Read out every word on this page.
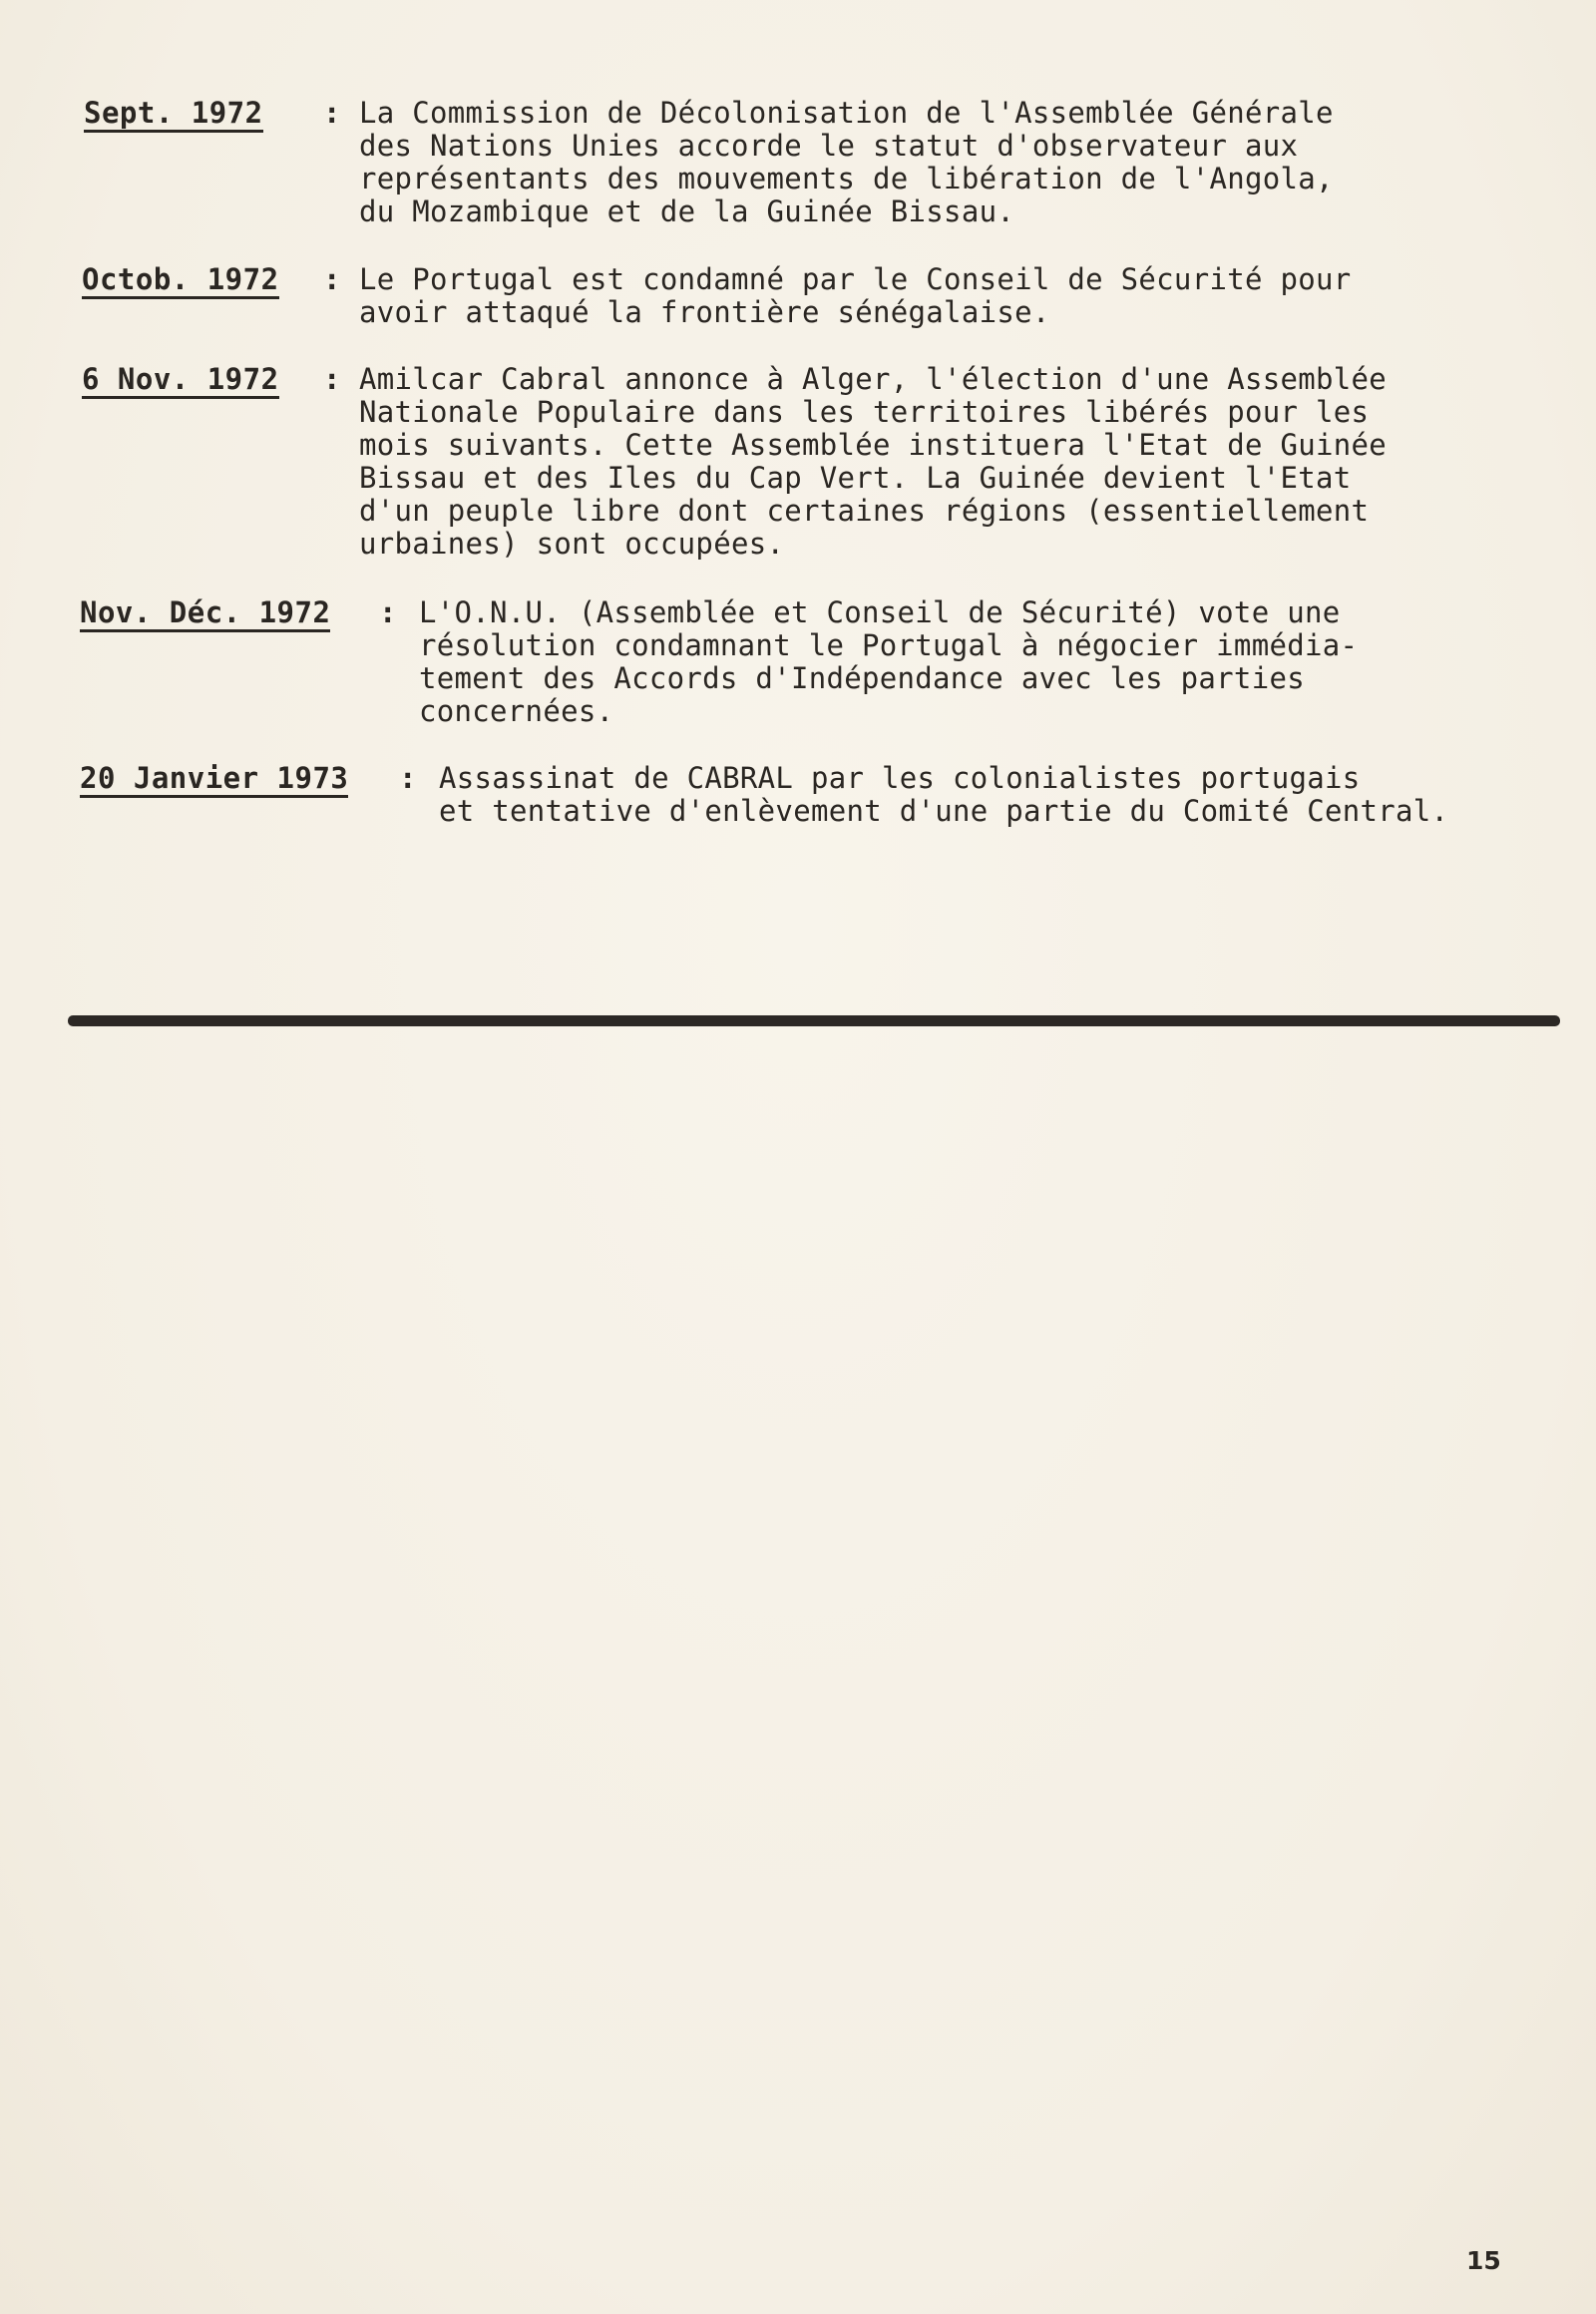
Sept. 1972 : La Commission de Décolonisation de l'Assemblée Générale
des Nations Unies accorde le statut d'observateur aux
représentants des mouvements de libération de l'Angola,
du Mozambique et de la Guinée Bissau.
Octob. 1972 : Le Portugal est condamné par le Conseil de Sécurité pour
avoir attaqué la frontière sénégalaise.
6 Nov. 1972 : Amilcar Cabral annonce à Alger, l'élection d'une Assemblée
Nationale Populaire dans les territoires libérés pour les
mois suivants. Cette Assemblée instituera l'Etat de Guinée
Bissau et des Iles du Cap Vert. La Guinée devient l'Etat
d'un peuple libre dont certaines régions (essentiellement
urbaines) sont occupées.
Nov. Déc. 1972 : L'O.N.U. (Assemblée et Conseil de Sécurité) vote une
résolution condamnant le Portugal à négocier immédia-
tement des Accords d'Indépendance avec les parties
concernées.
20 Janvier 1973 : Assassinat de CABRAL par les colonialistes portugais
et tentative d'enlèvement d'une partie du Comité Central.
15
